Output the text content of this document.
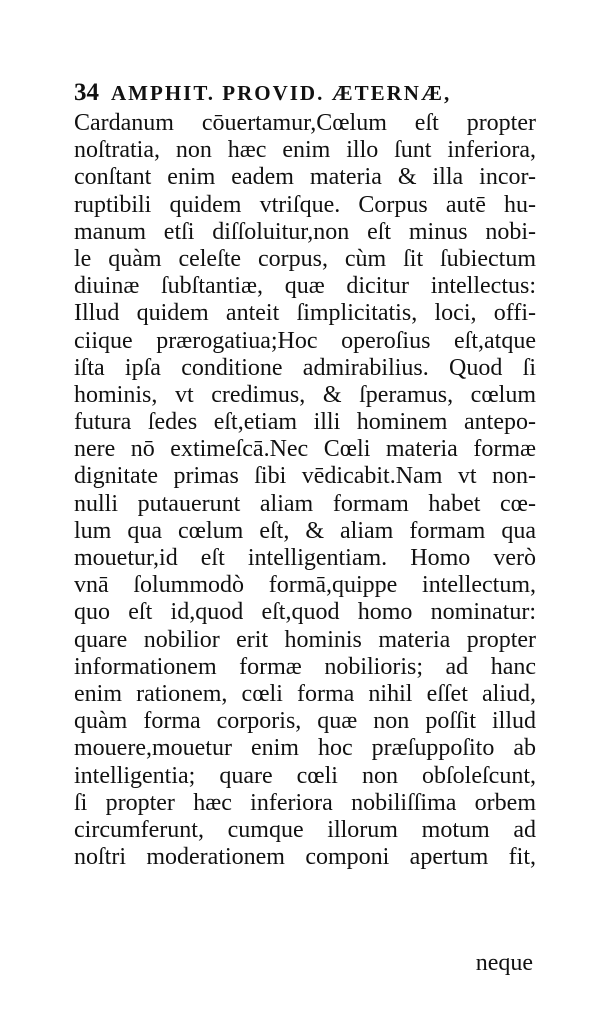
34 AMPHIT. PROVID. ÆTERNÆ,
Cardanum cōuertamur,Cœlum eſt propter
noſtratia, non hæc enim illo ſunt inferiora,
conſtant enim eadem materia & illa incor-
ruptibili quidem vtriſque. Corpus autē hu-
manum etſi diſſoluitur,non eſt minus nobi-
le quàm celeſte corpus, cùm ſit ſubiectum
diuinæ ſubſtantiæ, quæ dicitur intellectus:
Illud quidem anteit ſimplicitatis, loci, offi-
ciique prærogatiua;Hoc operoſius eſt,atque
iſta ipſa conditione admirabilius. Quod ſi
hominis, vt credimus, & ſperamus, cœlum
futura ſedes eſt,etiam illi hominem antepo-
nere nō extimeſcā.Nec Cœli materia formæ
dignitate primas ſibi vēdicabit.Nam vt non-
nulli putauerunt aliam formam habet cœ-
lum qua cœlum eſt, & aliam formam qua
mouetur,id eſt intelligentiam. Homo verò
vnā ſolummodò formā,quippe intellectum,
quo eſt id,quod eſt,quod homo nominatur:
quare nobilior erit hominis materia propter
informationem formæ nobilioris; ad hanc
enim rationem, cœli forma nihil eſſet aliud,
quàm forma corporis, quæ non poſſit illud
mouere,mouetur enim hoc præſuppoſito ab
intelligentia; quare cœli non obſoleſcunt,
ſi propter hæc inferiora nobiliſſima orbem
circumferunt, cumque illorum motum ad
noſtri moderationem componi apertum fit,
neque
